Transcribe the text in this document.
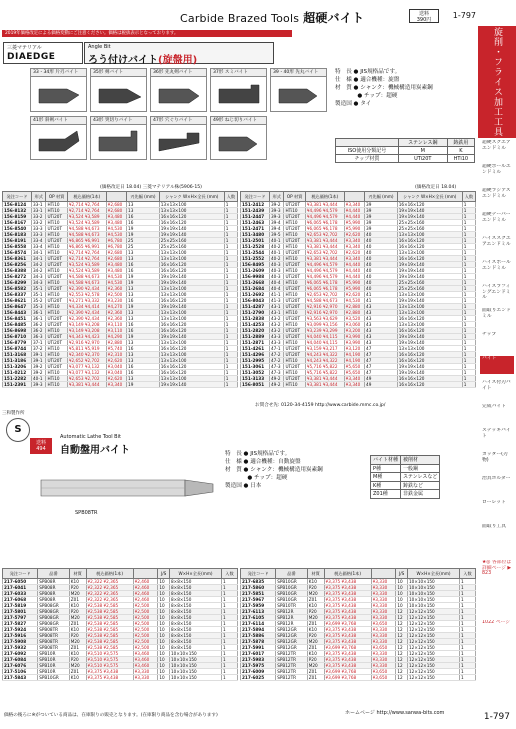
Carbide Brazed Tools 超硬バイト	送料
390円	1-797
2019年価格改定による価格変動にご注意ください。価格は税抜表示となっております。
三菱マテリアル
DIAEDGE
Angle Bit
ろう付けバイト(旋盤用)
33・34形 片刃バイト	35形 剣バイト	36形 先丸剣バイト	37形 スミバイト	39・40形 先丸バイト
41形 斜剣バイト	43形 突切りバイト	47形 穴ぐりバイト	49形 ねじ切りバイト
特　長 ● JIS規格品です。
仕　様 ● 適合機種：旋盤
材　質 ● シャンク：機械構造用炭素鋼
　　　　● チップ：超硬
製造国 ● タイ
	ステンレス鋼	鋳鉄用
ISO使用分類記号	M	K
チップ材質	UTi20T	HTi10
(価格改定日 18.04) 三菱マテリアル株(5906-15)	(価格改定日 18.04)
発注コード	形式	OP 材質	税込価格(1本)		刃先幅 (mm)	シャンク W×H×全長 (mm)	入数
156-8124	33-1	HTi10	¥2,714 ¥2,764	¥2,680	13	13×13×100	1
156-8132	33-1	HTi10	¥2,714 ¥2,764	¥2,680	13	13×13×100	1
156-8159	33-2	UTi20T	¥3,524 ¥3,589	¥3,480	16	16×16×120	1
156-8167	33-2	HTi10	¥3,524 ¥3,589	¥3,480	16	16×16×120	1
156-8540	33-3	UTi20T	¥4,588 ¥4,673	¥4,530	19	19×19×140	1
156-8183	33-3	HTi10	¥4,588 ¥4,673	¥4,530	19	19×19×140	1
156-8191	33-4	UTi20T	¥6,865 ¥6,991	¥6,780	25	25×25×160	1
156-8558	33-4	HTi10	¥6,865 ¥6,991	¥6,780	25	25×25×160	1
156-8574	34-1	HTi10	¥2,714 ¥2,764	¥2,680	13	13×13×100	1
156-8361	34-1	UTi20T	¥2,714 ¥2,764	¥2,680	13	13×13×100	1
156-8256	34-2	UTi20T	¥3,524 ¥3,589	¥3,480	16	16×16×120	1
156-8388	34-2	HTi10	¥3,524 ¥3,589	¥3,480	16	16×16×120	1
156-8272	34-3	UTi20T	¥4,588 ¥4,673	¥4,530	19	19×19×140	1
156-8299	34-3	HTi10	¥4,588 ¥4,673	¥4,530	19	19×19×140	1
156-8582	35-1	UTi20T	¥2,390 ¥2,434	¥2,360	13	13×13×100	1
156-8337	35-1	HTi10	¥2,553 ¥2,578	¥2,500	13	13×13×100	1
156-8621	35-2	UTi20T	¥3,271 ¥3,332	¥3,230	16	16×16×120	1
156-8647	35-3	HTi10	¥4,334 ¥4,414	¥4,270	19	19×19×140	1
156-8443	36-1	HTi10	¥2,390 ¥2,434	¥2,360	13	13×13×100	1
156-8451	36-1	UTi20T	¥2,390 ¥2,434	¥2,360	13	13×13×100	1
156-8485	36-2	UTi20T	¥3,149 ¥3,208	¥3,110	16	16×16×120	1
156-8698	36-2	HTi10	¥3,149 ¥3,208	¥3,110	16	16×16×120	1
156-8710	36-3	UTi20T	¥4,343 ¥4,423	¥4,290	19	19×19×140	1
156-8779	37-1	UTi20T	¥2,916 ¥2,970	¥2,880	13	13×13×100	1
156-8744	37-2	HTi10	¥5,811 ¥5,919	¥5,740	16	16×16×120	1
151-3168	39-1	HTi10	¥2,340 ¥2,370	¥2,310	13	13×13×100	1
151-3186	39-1	UTi20T	¥2,652 ¥2,702	¥2,620	13	13×13×100	1
151-3206	39-2	UTi20T	¥3,077 ¥3,132	¥3,040	16	16×16×120	1
151-0212	39-2	HTi10	¥3,077 ¥3,132	¥3,040	16	16×16×120	1
151-2282	40-1	HTi10	¥2,653 ¥2,702	¥2,620	13	13×13×100	1
151-2391	39-3	HTi10	¥3,381 ¥3,444	¥3,340	19	19×19×140	1
発注コード	形式	OP 材質	税込価格(1本)		刃先幅 (mm)	シャンク W×H×全長 (mm)	入数
151-2412	39-2	UTi20T	¥3,381 ¥3,444	¥3,340	39	16×16×120	1
151-2439	39-3	HTi10	¥4,496 ¥4,579	¥4,440	39	19×19×140	1
151-2447	39-3	UTi20T	¥4,496 ¥4,579	¥4,440	39	19×19×140	1
151-2463	39-4	HTi10	¥6,065 ¥6,178	¥5,990	39	25×25×160	1
151-2471	39-4	UTi20T	¥6,065 ¥6,178	¥5,990	39	25×25×160	1
151-3480	39-5	HTi10	¥2,653 ¥2,702	¥2,620	40	13×13×100	1
151-2501	40-1	UTi20T	¥3,381 ¥3,444	¥3,340	40	16×16×120	1
151-2528	40-2	HTi10	¥3,381 ¥3,444	¥3,340	40	16×16×120	1
151-2544	40-1	UTi20T	¥2,653 ¥2,702	¥2,620	40	13×13×100	1
151-2552	40-2	HTi10	¥3,381 ¥3,444	¥3,340	40	16×16×120	1
156-8495	40-3	UTi20T	¥4,496 ¥4,579	¥4,440	40	19×19×140	1
151-2609	40-3	HTi10	¥4,496 ¥4,579	¥4,440	40	19×19×140	1
156-9988	40-3	UTi20T	¥4,496 ¥4,579	¥4,440	40	19×19×140	1
151-2668	40-4	HTi10	¥6,065 ¥6,178	¥5,990	40	25×25×160	1
151-2684	40-4	UTi20T	¥6,065 ¥6,178	¥5,990	40	25×25×160	1
151-2692	41-1	HTi10	¥2,653 ¥2,702	¥2,620	41	13×13×100	1
156-8043	41-3	UTi20T	¥4,588 ¥4,673	¥4,530	41	19×19×140	1
151-4287	43-1	UTi20T	¥2,916 ¥2,970	¥2,880	43	13×13×100	1
151-2790	43-1	HTi10	¥2,916 ¥2,970	¥2,880	43	13×13×100	1
151-2838	43-2	UTi20T	¥3,563 ¥3,629	¥3,520	43	16×16×120	1
151-4253	43-2	HTi10	¥3,099 ¥3,156	¥3,060	43	13×13×100	1
151-2820	43-2	UTi20T	¥3,239 ¥3,299	¥3,200	43	16×16×120	1
151-2889	43-3	UTi20T	¥4,040 ¥4,115	¥3,990	43	19×19×140	1
151-2871	43-3	HTi10	¥4,040 ¥4,115	¥3,990	43	19×19×140	1
151-4261	47-1	UTi20T	¥3,159 ¥3,217	¥3,120	47	13×13×100	1
151-4296	47-2	UTi20T	¥4,243 ¥4,322	¥4,190	47	16×16×120	1
151-2995	47-2	HTi10	¥4,243 ¥4,322	¥4,190	47	16×16×120	1
151-3061	47-3	UTi20T	¥5,716 ¥5,822	¥5,650	47	19×19×140	1
151-3052	47-3	HTi10	¥5,716 ¥5,822	¥5,650	47	19×19×140	1
151-3133	49-2	UTi20T	¥3,381 ¥3,444	¥3,340	49	16×16×120	1
156-8051	49-2	HTi10	¥3,381 ¥3,444	¥3,340	49	16×16×120	1
お問合せ先: 0120-34-4159 http://www.carbide.mmc.co.jp/
三和製作所
S
送料
494
Automatic Lathe Tool Bit
自動盤用バイト
SPB08TR
特　長 ● JIS規格品です。
仕　様 ● 適合機種：自動旋盤
材　質 ● シャンク：機械構造用炭素鋼
　　　　● チップ：超硬
製造国 ● 日本
バイト材種	被削材
P種	一般鋼
M種	ステンレスなど
K種	鋳鉄など
Z01種	非鉄金属
発注コード	品番	材質	税込価格(1本)		J/S	W×H×全長(mm)	入数
217-6050	SPB08R	K10	¥2,322 ¥2,365	¥2,460	10	8×8×150	1
217-6041	SPB08R	P20	¥2,322 ¥2,365	¥2,460	10	8×8×150	1
217-6033	SPB08R	M20	¥2,322 ¥2,365	¥2,460	10	8×8×150	1
217-6068	SPB08R	Z01	¥2,322 ¥2,365	¥2,460	10	8×8×150	1
217-5819	SPB08GR	K10	¥2,538 ¥2,585	¥2,500	10	8×8×150	1
217-5801	SPB08GR	P20	¥2,538 ¥2,585	¥2,500	10	8×8×150	1
217-5797	SPB08GR	M20	¥2,538 ¥2,585	¥2,500	10	8×8×150	1
217-5827	SPB08GR	Z01	¥2,538 ¥2,585	¥2,500	10	8×8×150	1
217-5924	SPB08TR	K10	¥2,538 ¥2,585	¥2,500	10	8×8×150	1
217-5916	SPB08TR	P20	¥2,538 ¥2,585	¥2,500	10	8×8×150	1
217-5908	SPB08TR	M20	¥2,538 ¥2,585	¥2,500	10	8×8×150	1
217-5932	SPB08TR	Z01	¥2,538 ¥2,585	¥2,500	10	8×8×150	1
217-6092	SPB10R	K10	¥3,510 ¥3,575	¥3,460	10	10×10×150	1
217-6084	SPB10R	P20	¥3,510 ¥3,575	¥3,460	10	10×10×150	1
217-6076	SPB10R	M20	¥3,510 ¥3,575	¥3,460	10	10×10×150	1
217-5106	SPB10R	Z01	¥3,375 ¥3,438	¥3,330	10	10×10×150	1
217-5843	SPB10GR	K10	¥3,375 ¥3,438	¥3,330	10	10×10×150	1
発注コード	品番	材質	税込価格(1本)		J/S	W×H×全長(mm)	入数
217-6835	SPB10GR	K10	¥3,375 ¥3,438	¥3,330	10	10×10×150	1
217-5860	SPB10GR	P20	¥3,375 ¥3,438	¥3,330	10	10×10×150	1
217-5851	SPB10GR	M20	¥3,375 ¥3,438	¥3,330	10	10×10×150	1
217-5967	SPB10GR	Z01	¥3,375 ¥3,438	¥3,330	10	10×10×150	1
217-5959	SPB10TR	K10	¥3,375 ¥3,438	¥3,330	10	10×10×150	1
217-6113	SPB12R	P20	¥3,375 ¥3,438	¥3,330	12	12×12×150	1
217-6105	SPB12R	M20	¥3,375 ¥3,438	¥3,330	12	12×12×150	1
217-6114	SPB12R	Z01	¥3,699 ¥3,768	¥3,650	12	12×12×150	1
217-5894	SPB12GR	K10	¥3,375 ¥3,438	¥3,330	12	12×12×150	1
217-5886	SPB12GR	P20	¥3,375 ¥3,438	¥3,330	12	12×12×150	1
217-5878	SPB12GR	M20	¥3,375 ¥3,438	¥3,330	12	12×12×150	1
217-5991	SPB12GR	Z01	¥3,699 ¥3,768	¥3,650	12	12×12×150	1
217-6017	SPB12TR	K10	¥3,375 ¥3,438	¥3,330	12	12×12×150	1
217-5983	SPB12TR	P20	¥3,375 ¥3,438	¥3,330	12	12×12×150	1
217-5975	SPB12TR	M20	¥3,375 ¥3,438	¥3,330	12	12×12×150	1
217-6009	SPB12TR	Z01	¥3,699 ¥3,768	¥3,650	12	12×12×150	1
217-6025	SPB12TR	Z01	¥3,699 ¥3,768	¥3,650	12	12×12×150	1
旋削・フライス加工工具
超硬スクエアエンドミル
超硬ボールエンドミル
超硬ラジアスエンドミル
超硬テーパーエンドミル
ハイススクエアエンドミル
ハイスボールエンドミル
ハイスラフィングエンドミル
面取りエンドミル
チップ
バイト
ハイス付刃バイト
完成バイト
ステッキバイト
カッター(刃物)
治具ホルダー
ローレット
面取り工具
★◎ 各部位は詳細ページ ▶ 823
1022 ページ
価格の後ろに※がついている商品は、在庫限りの販売となります。(在庫限り商品を含む場合があります)	ホームページ http://www.sanwa-bits.com	1-797
